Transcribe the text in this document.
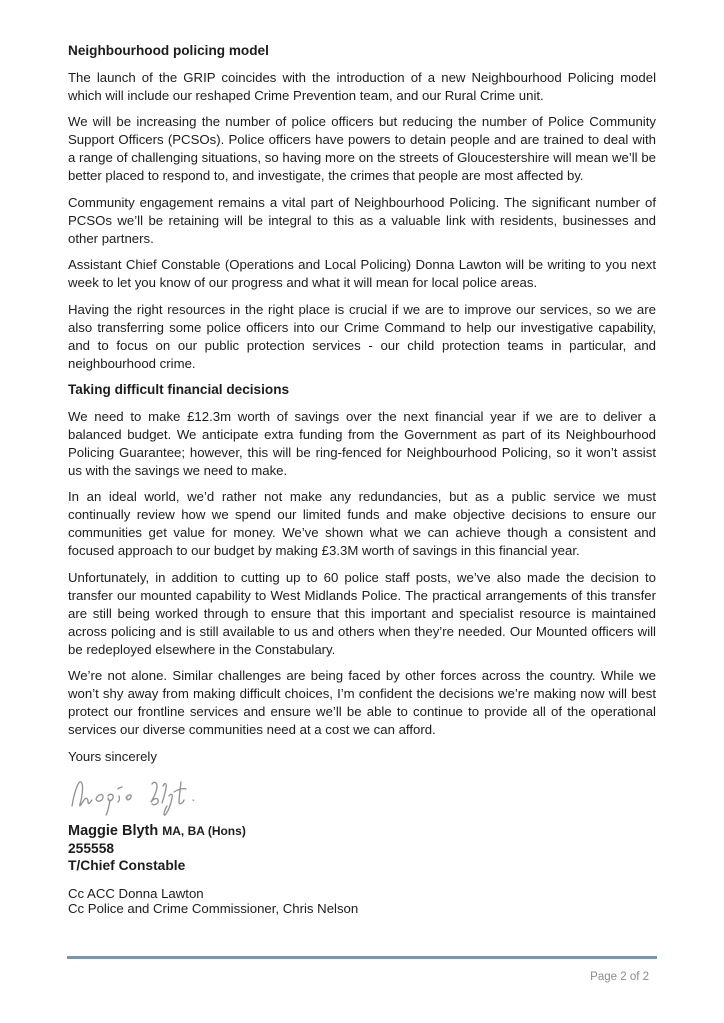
Neighbourhood policing model

The launch of the GRIP coincides with the introduction of a new Neighbourhood Policing model which will include our reshaped Crime Prevention team, and our Rural Crime unit.

We will be increasing the number of police officers but reducing the number of Police Community Support Officers (PCSOs). Police officers have powers to detain people and are trained to deal with a range of challenging situations, so having more on the streets of Gloucestershire will mean we’ll be better placed to respond to, and investigate, the crimes that people are most affected by.

Community engagement remains a vital part of Neighbourhood Policing. The significant number of PCSOs we’ll be retaining will be integral to this as a valuable link with residents, businesses and other partners.

Assistant Chief Constable (Operations and Local Policing) Donna Lawton will be writing to you next week to let you know of our progress and what it will mean for local police areas.

Having the right resources in the right place is crucial if we are to improve our services, so we are also transferring some police officers into our Crime Command to help our investigative capability, and to focus on our public protection services - our child protection teams in particular, and neighbourhood crime.

Taking difficult financial decisions

We need to make £12.3m worth of savings over the next financial year if we are to deliver a balanced budget. We anticipate extra funding from the Government as part of its Neighbourhood Policing Guarantee; however, this will be ring-fenced for Neighbourhood Policing, so it won’t assist us with the savings we need to make.

In an ideal world, we’d rather not make any redundancies, but as a public service we must continually review how we spend our limited funds and make objective decisions to ensure our communities get value for money. We’ve shown what we can achieve though a consistent and focused approach to our budget by making £3.3M worth of savings in this financial year.

Unfortunately, in addition to cutting up to 60 police staff posts, we’ve also made the decision to transfer our mounted capability to West Midlands Police. The practical arrangements of this transfer are still being worked through to ensure that this important and specialist resource is maintained across policing and is still available to us and others when they’re needed. Our Mounted officers will be redeployed elsewhere in the Constabulary.

We’re not alone. Similar challenges are being faced by other forces across the country. While we won’t shy away from making difficult choices, I’m confident the decisions we’re making now will best protect our frontline services and ensure we’ll be able to continue to provide all of the operational services our diverse communities need at a cost we can afford.

Yours sincerely

Maggie Blyth MA, BA (Hons)
255558
T/Chief Constable
Cc ACC Donna Lawton
Cc Police and Crime Commissioner, Chris Nelson
Page 2 of 2
